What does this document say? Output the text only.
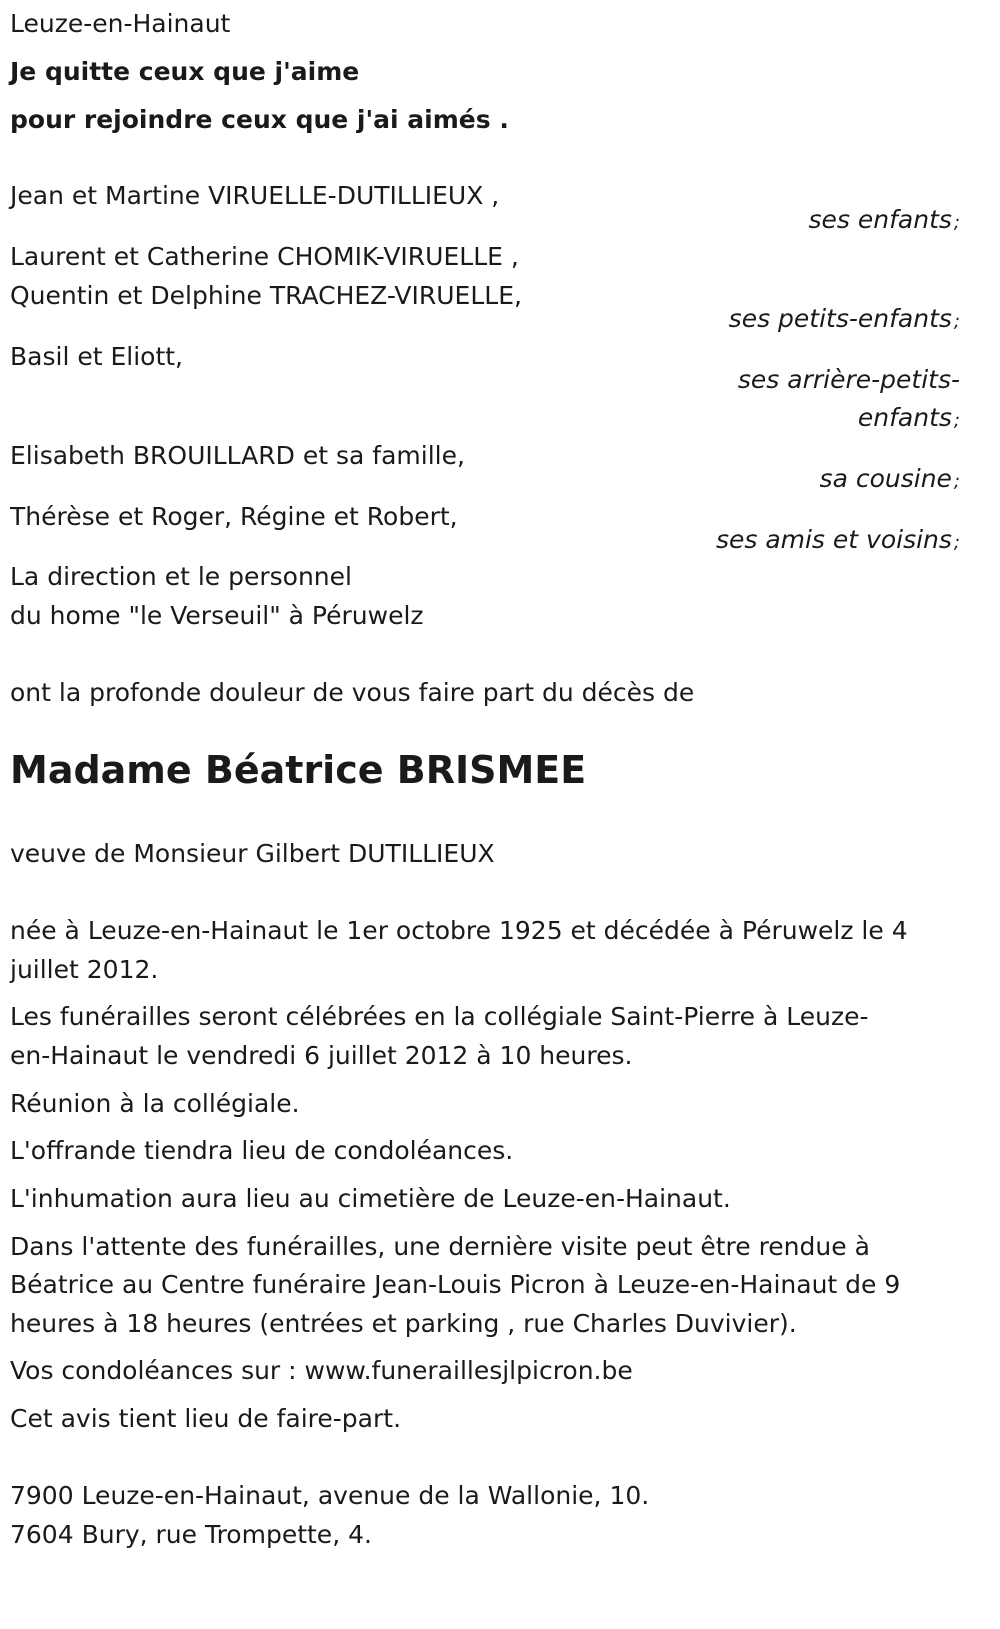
Leuze-en-Hainaut
Je quitte ceux que j'aime
pour rejoindre ceux que j'ai aimés .
Jean et Martine VIRUELLE-DUTILLIEUX ,
ses enfants ;
Laurent et Catherine CHOMIK-VIRUELLE ,
Quentin et Delphine TRACHEZ-VIRUELLE,
ses petits-enfants ;
Basil et Eliott,
ses arrière-petits-
enfants ;
Elisabeth BROUILLARD et sa famille,
sa cousine ;
Thérèse et Roger, Régine et Robert,
ses amis et voisins ;
La direction et le personnel
du home "le Verseuil" à Péruwelz
ont la profonde douleur de vous faire part du décès de
Madame Béatrice BRISMEE
veuve de Monsieur Gilbert DUTILLIEUX
née à Leuze-en-Hainaut le 1er octobre 1925 et décédée à Péruwelz le 4
juillet 2012.
Les funérailles seront célébrées en la collégiale Saint-Pierre à Leuze-
en-Hainaut le vendredi 6 juillet 2012 à 10 heures.
Réunion à la collégiale.
L'offrande tiendra lieu de condoléances.
L'inhumation aura lieu au cimetière de Leuze-en-Hainaut.
Dans l'attente des funérailles, une dernière visite peut être rendue à
Béatrice au Centre funéraire Jean-Louis Picron à Leuze-en-Hainaut de 9
heures à 18 heures (entrées et parking , rue Charles Duvivier).
Vos condoléances sur : www.funeraillesjlpicron.be
Cet avis tient lieu de faire-part.
7900 Leuze-en-Hainaut, avenue de la Wallonie, 10.
7604 Bury, rue Trompette, 4.
